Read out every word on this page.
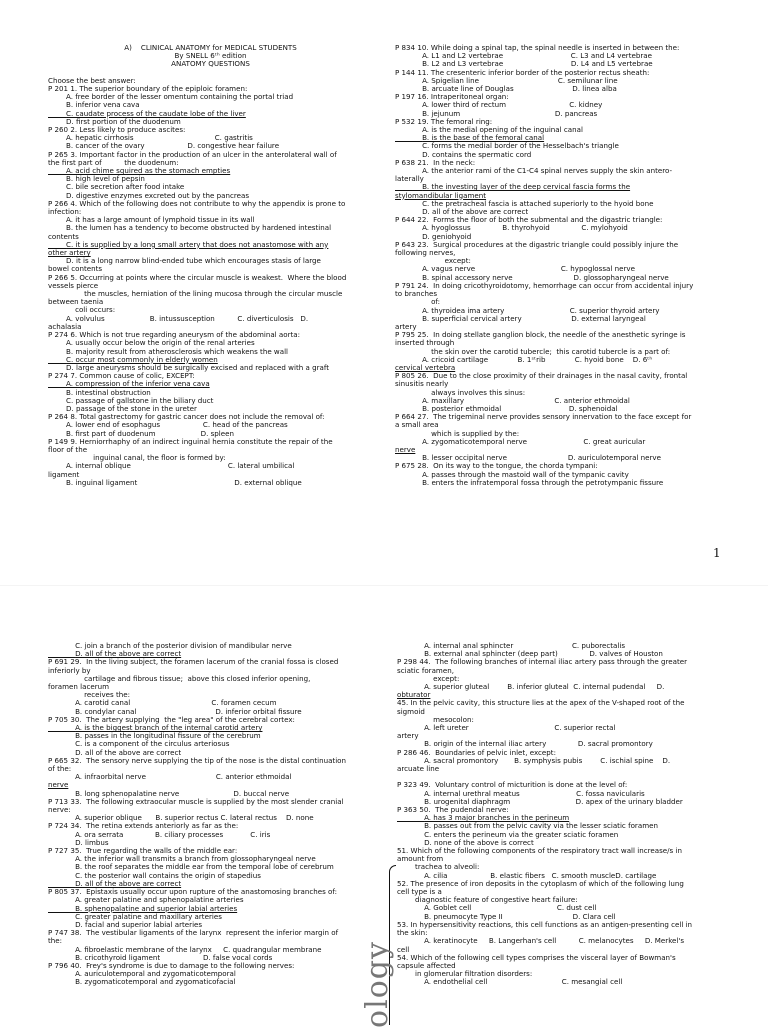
A)    CLINICAL ANATOMY for MEDICAL STUDENTS
By SNELL 6ᵗʰ edition
ANATOMY QUESTIONS
Choose the best answer:
P 201 1. The superior boundary of the epiploic foramen:
A. free border of the lesser omentum containing the portal triad
B. inferior vena cava
C. caudate process of the caudate lobe of the liver
D. first portion of the duodenum
P 260 2. Less likely to produce ascites:
A. hepatic cirrhosis                                    C. gastritis
B. cancer of the ovary                   D. congestive hear failure
P 265 3. Important factor in the production of an ulcer in the anterolateral wall of
the first part of          the duodenum:
A. acid chime squired as the stomach empties
B. high level of pepsin
C. bile secretion after food intake
D. digestive enzymes excreted out by the pancreas
P 266 4. Which of the following does not contribute to why the appendix is prone to
infection:
A. it has a large amount of lymphoid tissue in its wall
B. the lumen has a tendency to become obstructed by hardened intestinal
contents
C. it is supplied by a long small artery that does not anastomose with any
other artery
D. it is a long narrow blind-ended tube which encourages stasis of large
bowel contents
P 266 5. Occurring at points where the circular muscle is weakest.  Where the blood
vessels pierce
the muscles, herniation of the lining mucosa through the circular muscle
between taenia
coli occurs:
A. volvulus                    B. intussusception          C. diverticulosis   D.
achalasia
P 274 6. Which is not true regarding aneurysm of the abdominal aorta:
A. usually occur below the origin of the renal arteries
B. majority result from atherosclerosis which weakens the wall
C. occur most commonly in elderly women
D. large aneurysms should be surgically excised and replaced with a graft
P 274 7. Common cause of colic, EXCEPT:
A. compression of the inferior vena cava
B. intestinal obstruction
C. passage of gallstone in the biliary duct
D. passage of the stone in the ureter
P 264 8. Total gastrectomy for gastric cancer does not include the removal of:
A. lower end of esophagus                   C. head of the pancreas
B. first part of duodenum                    D. spleen
P 149 9. Herniorrhaphy of an indirect inguinal hernia constitute the repair of the
floor of the
inguinal canal, the floor is formed by:
A. internal oblique                                           C. lateral umbilical
ligament
B. inguinal ligament                                           D. external oblique
P 834 10. While doing a spinal tap, the spinal needle is inserted in between the:
A. L1 and L2 vertebrae                              C. L3 and L4 vertebrae
B. L2 and L3 vertebrae                              D. L4 and L5 vertebrae
P 144 11. The cresenteric inferior border of the posterior rectus sheath:
A. Spigelian line                                   C. semilunar line
B. arcuate line of Douglas                          D. linea alba
P 197 16. Intraperitoneal organ:
A. lower third of rectum                            C. kidney
B. jejunum                                          D. pancreas
P 532 19. The femoral ring:
A. is the medial opening of the inguinal canal
B. is the base of the femoral canal
C. forms the medial border of the Hesselbach's triangle
D. contains the spermatic cord
P 638 21.  In the neck:
A. the anterior rami of the C1-C4 spinal nerves supply the skin antero-
laterally
B. the investing layer of the deep cervical fascia forms the
stylomandibular ligament
C. the pretracheal fascia is attached superiorly to the hyoid bone
D. all of the above are correct
P 644 22.  Forms the floor of both the submental and the digastric triangle:
A. hyoglossus              B. thyrohyoid              C. mylohyoid
D. geniohyoid
P 643 23.  Surgical procedures at the digastric triangle could possibly injure the
following nerves,
except:
A. vagus nerve                                      C. hypoglossal nerve
B. spinal accessory nerve                           D. glossopharyngeal nerve
P 791 24.  In doing cricothyroidotomy, hemorrhage can occur from accidental injury
to branches
of:
A. thyroidea ima artery                             C. superior thyroid artery
B. superficial cervical artery                      D. external laryngeal
artery
P 795 25.  In doing stellate ganglion block, the needle of the anesthetic syringe is
inserted through
the skin over the carotid tubercle;  this carotid tubercle is a part of:
A. cricoid cartilage             B. 1ˢᵗrib             C. hyoid bone    D. 6ᵗʰ
cervical vertebra
P 805 26.  Due to the close proximity of their drainages in the nasal cavity, frontal
sinusitis nearly
always involves this sinus:
A. maxillary                                        C. anterior ethmoidal
B. posterior ethmoidal                              D. sphenoidal
P 664 27.  The trigeminal nerve provides sensory innervation to the face except for
a small area
which is supplied by the:
A. zygomaticotemporal nerve                         C. great auricular
nerve
B. lesser occipital nerve                           D. auriculotemporal nerve
P 675 28.  On its way to the tongue, the chorda tympani:
A. passes through the mastoid wall of the tympanic cavity
B. enters the infratemporal fossa through the petrotympanic fissure
1
C. join a branch of the posterior division of mandibular nerve
D. all of the above are correct
P 691 29.  In the living subject, the foramen lacerum of the cranial fossa is closed
inferiorly by
cartilage and fibrous tissue;  above this closed inferior opening,
foramen lacerum
receives the:
A. carotid canal                                    C. foramen cecum
B. condylar canal                                   D. inferior orbital fissure
P 705 30.  The artery supplying  the "leg area" of the cerebral cortex:
A. is the biggest branch of the internal carotid artery
B. passes in the longitudinal fissure of the cerebrum
C. is a component of the circulus arteriosus
D. all of the above are correct
P 665 32.  The sensory nerve supplying the tip of the nose is the distal continuation
of the:
A. infraorbital nerve                               C. anterior ethmoidal
nerve
B. long sphenopalatine nerve                        D. buccal nerve
P 713 33.  The following extraocular muscle is supplied by the most slender cranial
nerve:
A. superior oblique      B. superior rectus C. lateral rectus    D. none
P 724 34.  The retina extends anteriorly as far as the:
A. ora serrata              B. ciliary processes            C. iris
D. limbus
P 727 35.  True regarding the walls of the middle ear:
A. the inferior wall transmits a branch from glossopharyngeal nerve
B. the roof separates the middle ear from the temporal lobe of cerebrum
C. the posterior wall contains the origin of stapedius
D. all of the above are correct
P 805 37.  Epistaxis usually occur upon rupture of the anastomosing branches of:
A. greater palatine and sphenopalatine arteries
B. sphenopalatine and superior labial arteries
C. greater palatine and maxillary arteries
D. facial and superior labial arteries
P 747 38.  The vestibular ligaments of the larynx  represent the inferior margin of
the:
A. fibroelastic membrane of the larynx     C. quadrangular membrane
B. cricothyroid ligament                   D. false vocal cords
P 796 40.  Frey's syndrome is due to damage to the following nerves:
A. auriculotemporal and zygomaticotemporal
B. zygomaticotemporal and zygomaticofacial
A. internal anal sphincter                          C. puborectalis
B. external anal sphincter (deep part)              D. valves of Houston
P 298 44.  The following branches of internal iliac artery pass through the greater
sciatic foramen,
except:
A. superior gluteal        B. inferior gluteal  C. internal pudendal     D.
obturator
45. In the pelvic cavity, this structure lies at the apex of the V-shaped root of the
sigmoid
mesocolon:
A. left ureter                                      C. superior rectal
artery
B. origin of the internal iliac artery              D. sacral promontory
P 286 46.  Boundaries of pelvic inlet, except:
A. sacral promontory       B. symphysis pubis        C. ischial spine    D.
arcuate line
P 323 49.  Voluntary control of micturition is done at the level of:
A. internal urethral meatus                         C. fossa navicularis
B. urogenital diaphragm                             D. apex of the urinary bladder
P 363 50.  The pudendal nerve:
A. has 3 major branches in the perineum
B. passes out from the pelvic cavity via the lesser sciatic foramen
C. enters the perineum via the greater sciatic foramen
D. none of the above is correct
51. Which of the following components of the respiratory tract wall increase/s in
amount from
trachea to alveoli:
A. cilia                   B. elastic fibers   C. smooth muscleD. cartilage
52. The presence of iron deposits in the cytoplasm of which of the following lung
cell type is a
diagnostic feature of congestive heart failure:
A. Goblet cell                                      C. dust cell
B. pneumocyte Type II                               D. Clara cell
53. In hypersensitivity reactions, this cell functions as an antigen-presenting cell in
the skin:
A. keratinocyte     B. Langerhan's cell          C. melanocytes     D. Merkel's
cell
54. Which of the following cell types comprises the visceral layer of Bowman's
capsule affected
in glomerular filtration disorders:
A. endothelial cell                                 C. mesangial cell
ology
